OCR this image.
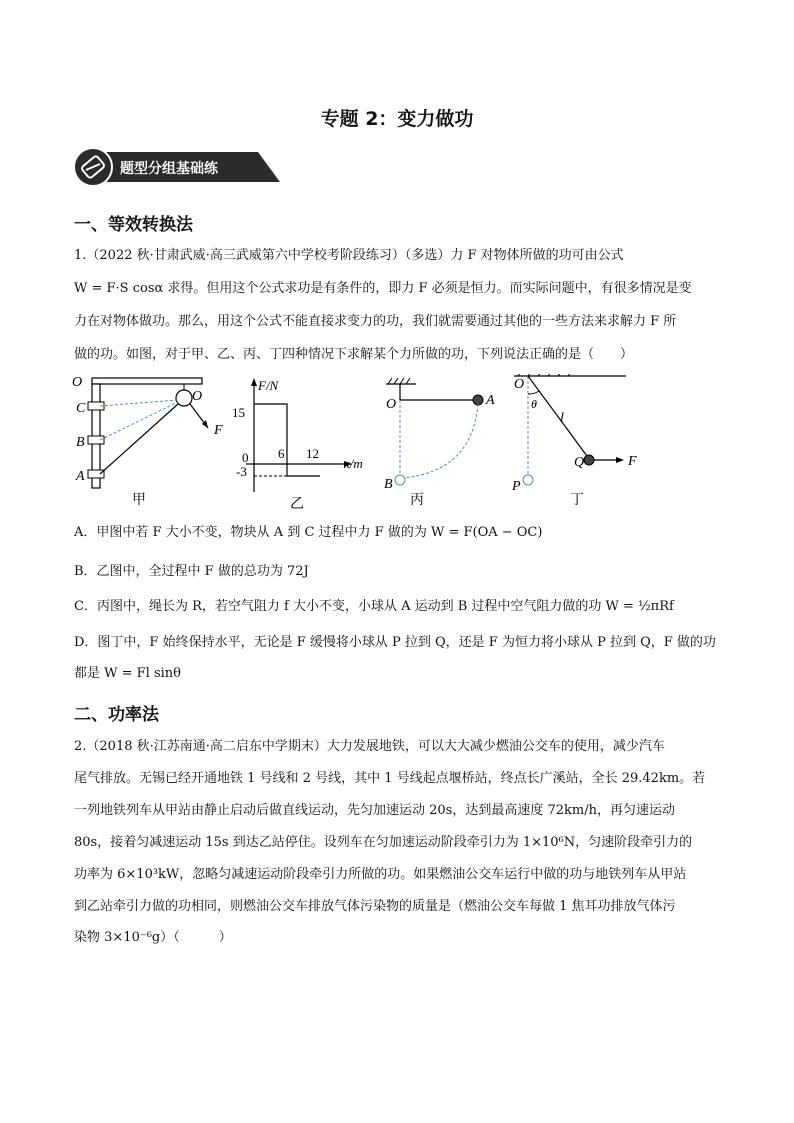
专题 2：变力做功
题型分组基础练
一、等效转换法
1.（2022 秋·甘肃武威·高三武威第六中学校考阶段练习）（多选）力 F 对物体所做的功可由公式
W = F·S cosα 求得。但用这个公式求功是有条件的，即力 F 必须是恒力。而实际问题中，有很多情况是变
力在对物体做功。那么，用这个公式不能直接求变力的功，我们就需要通过其他的一些方法来求解力 F 所
做的功。如图，对于甲、乙、丙、丁四种情况下求解某个力所做的功，下列说法正确的是（　　）
O
C
B
A
O
F
甲
F/N
x/m
15
0
-3
6 12
乙
O	A
B
丙
O
θ
l
Q	F
P
丁
A．甲图中若 F 大小不变，物块从 A 到 C 过程中力 F 做的为 W = F(OA − OC)
B．乙图中，全过程中 F 做的总功为 72J
C．丙图中，绳长为 R，若空气阻力 f 大小不变，小球从 A 运动到 B 过程中空气阻力做的功 W = ½πRf
D．图丁中，F 始终保持水平，无论是 F 缓慢将小球从 P 拉到 Q，还是 F 为恒力将小球从 P 拉到 Q，F 做的功
都是 W = Fl sinθ
二、功率法
2.（2018 秋·江苏南通·高二启东中学期末）大力发展地铁，可以大大减少燃油公交车的使用，减少汽车
尾气排放。无锡已经开通地铁 1 号线和 2 号线，其中 1 号线起点堰桥站，终点长广溪站，全长 29.42km。若
一列地铁列车从甲站由静止启动后做直线运动，先匀加速运动 20s，达到最高速度 72km/h，再匀速运动
80s，接着匀减速运动 15s 到达乙站停住。设列车在匀加速运动阶段牵引力为 1×10⁶N，匀速阶段牵引力的
功率为 6×10³kW，忽略匀减速运动阶段牵引力所做的功。如果燃油公交车运行中做的功与地铁列车从甲站
到乙站牵引力做的功相同，则燃油公交车排放气体污染物的质量是（燃油公交车每做 1 焦耳功排放气体污
染物 3×10⁻⁶g）（　　　）
